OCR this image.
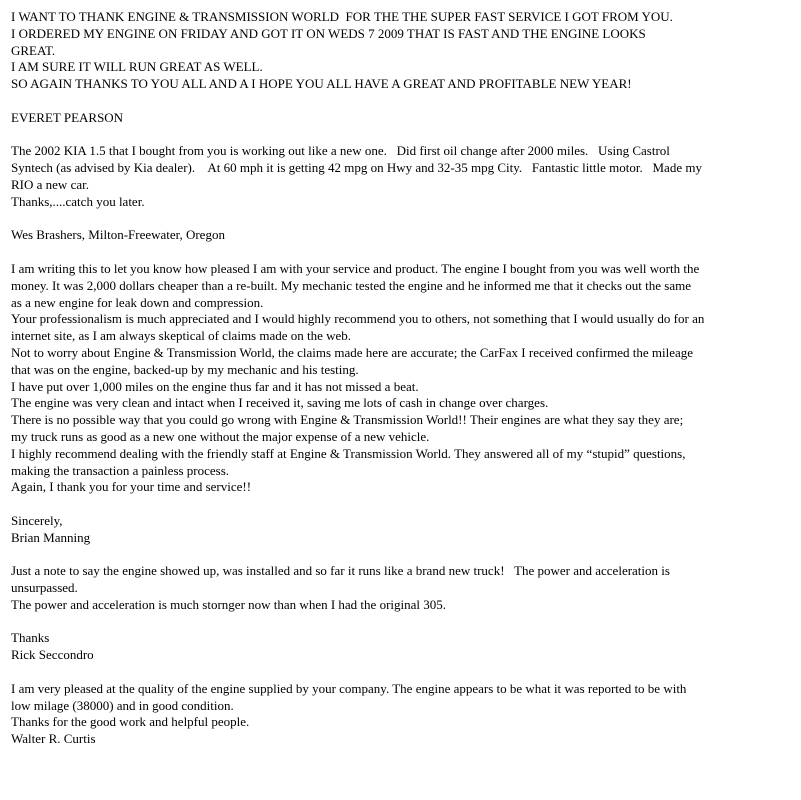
I WANT TO THANK ENGINE & TRANSMISSION WORLD  FOR THE THE SUPER FAST SERVICE I GOT FROM YOU.
I ORDERED MY ENGINE ON FRIDAY AND GOT IT ON WEDS 7 2009 THAT IS FAST AND THE ENGINE LOOKS
GREAT.
I AM SURE IT WILL RUN GREAT AS WELL.
SO AGAIN THANKS TO YOU ALL AND A I HOPE YOU ALL HAVE A GREAT AND PROFITABLE NEW YEAR!
EVERET PEARSON
The 2002 KIA 1.5 that I bought from you is working out like a new one.   Did first oil change after 2000 miles.   Using Castrol
Syntech (as advised by Kia dealer).    At 60 mph it is getting 42 mpg on Hwy and 32-35 mpg City.   Fantastic little motor.   Made my
RIO a new car.
Thanks,....catch you later.
Wes Brashers, Milton-Freewater, Oregon
I am writing this to let you know how pleased I am with your service and product. The engine I bought from you was well worth the
money. It was 2,000 dollars cheaper than a re-built. My mechanic tested the engine and he informed me that it checks out the same
as a new engine for leak down and compression.
Your professionalism is much appreciated and I would highly recommend you to others, not something that I would usually do for an
internet site, as I am always skeptical of claims made on the web.
Not to worry about Engine & Transmission World, the claims made here are accurate; the CarFax I received confirmed the mileage
that was on the engine, backed-up by my mechanic and his testing.
I have put over 1,000 miles on the engine thus far and it has not missed a beat.
The engine was very clean and intact when I received it, saving me lots of cash in change over charges.
There is no possible way that you could go wrong with Engine & Transmission World!! Their engines are what they say they are;
my truck runs as good as a new one without the major expense of a new vehicle.
I highly recommend dealing with the friendly staff at Engine & Transmission World. They answered all of my “stupid” questions,
making the transaction a painless process.
Again, I thank you for your time and service!!
Sincerely,
Brian Manning
Just a note to say the engine showed up, was installed and so far it runs like a brand new truck!   The power and acceleration is
unsurpassed.
The power and acceleration is much stornger now than when I had the original 305.
Thanks
Rick Seccondro
I am very pleased at the quality of the engine supplied by your company. The engine appears to be what it was reported to be with
low milage (38000) and in good condition.
Thanks for the good work and helpful people.
Walter R. Curtis
